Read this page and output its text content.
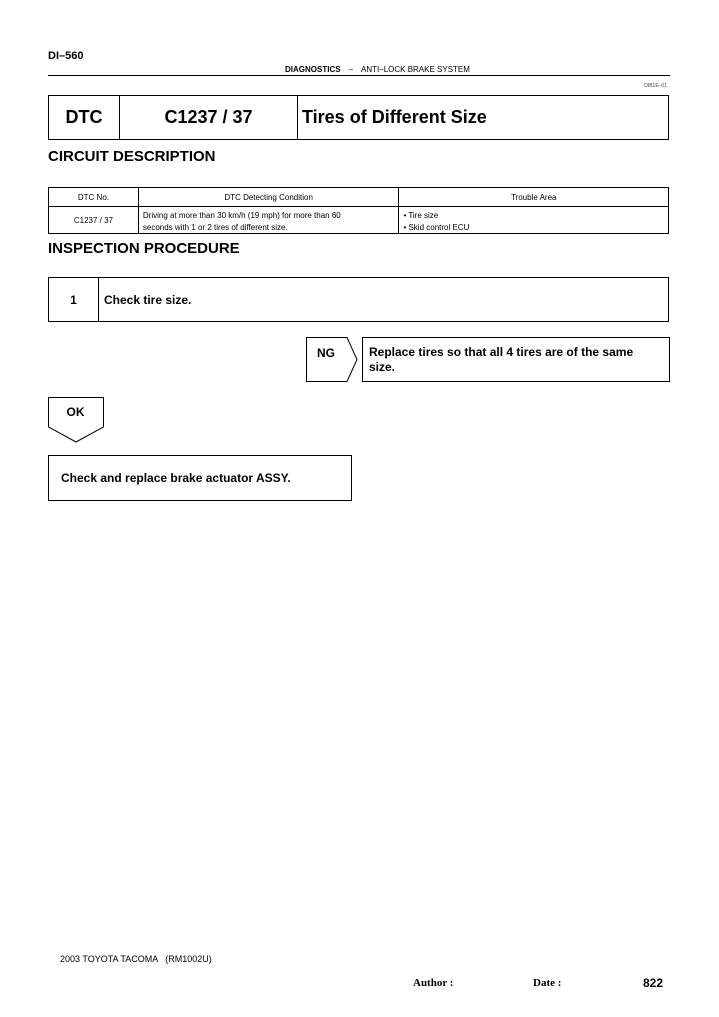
DI–560
DIAGNOSTICS – ANTI–LOCK BRAKE SYSTEM
DIB1E–01
DTC	C1237 / 37	Tires of Different Size
CIRCUIT DESCRIPTION
DTC No.	DTC Detecting Condition	Trouble Area
C1237 / 37	Driving at more than 30 km/h (19 mph) for more than 60	• Tire size
	seconds with 1 or 2 tires of different size.	• Skid control ECU
INSPECTION PROCEDURE
1	Check tire size.
NG	Replace tires so that all 4 tires are of the same
size.
OK
Check and replace brake actuator ASSY.
2003 TOYOTA TACOMA   (RM1002U)
Author :	Date :	822
